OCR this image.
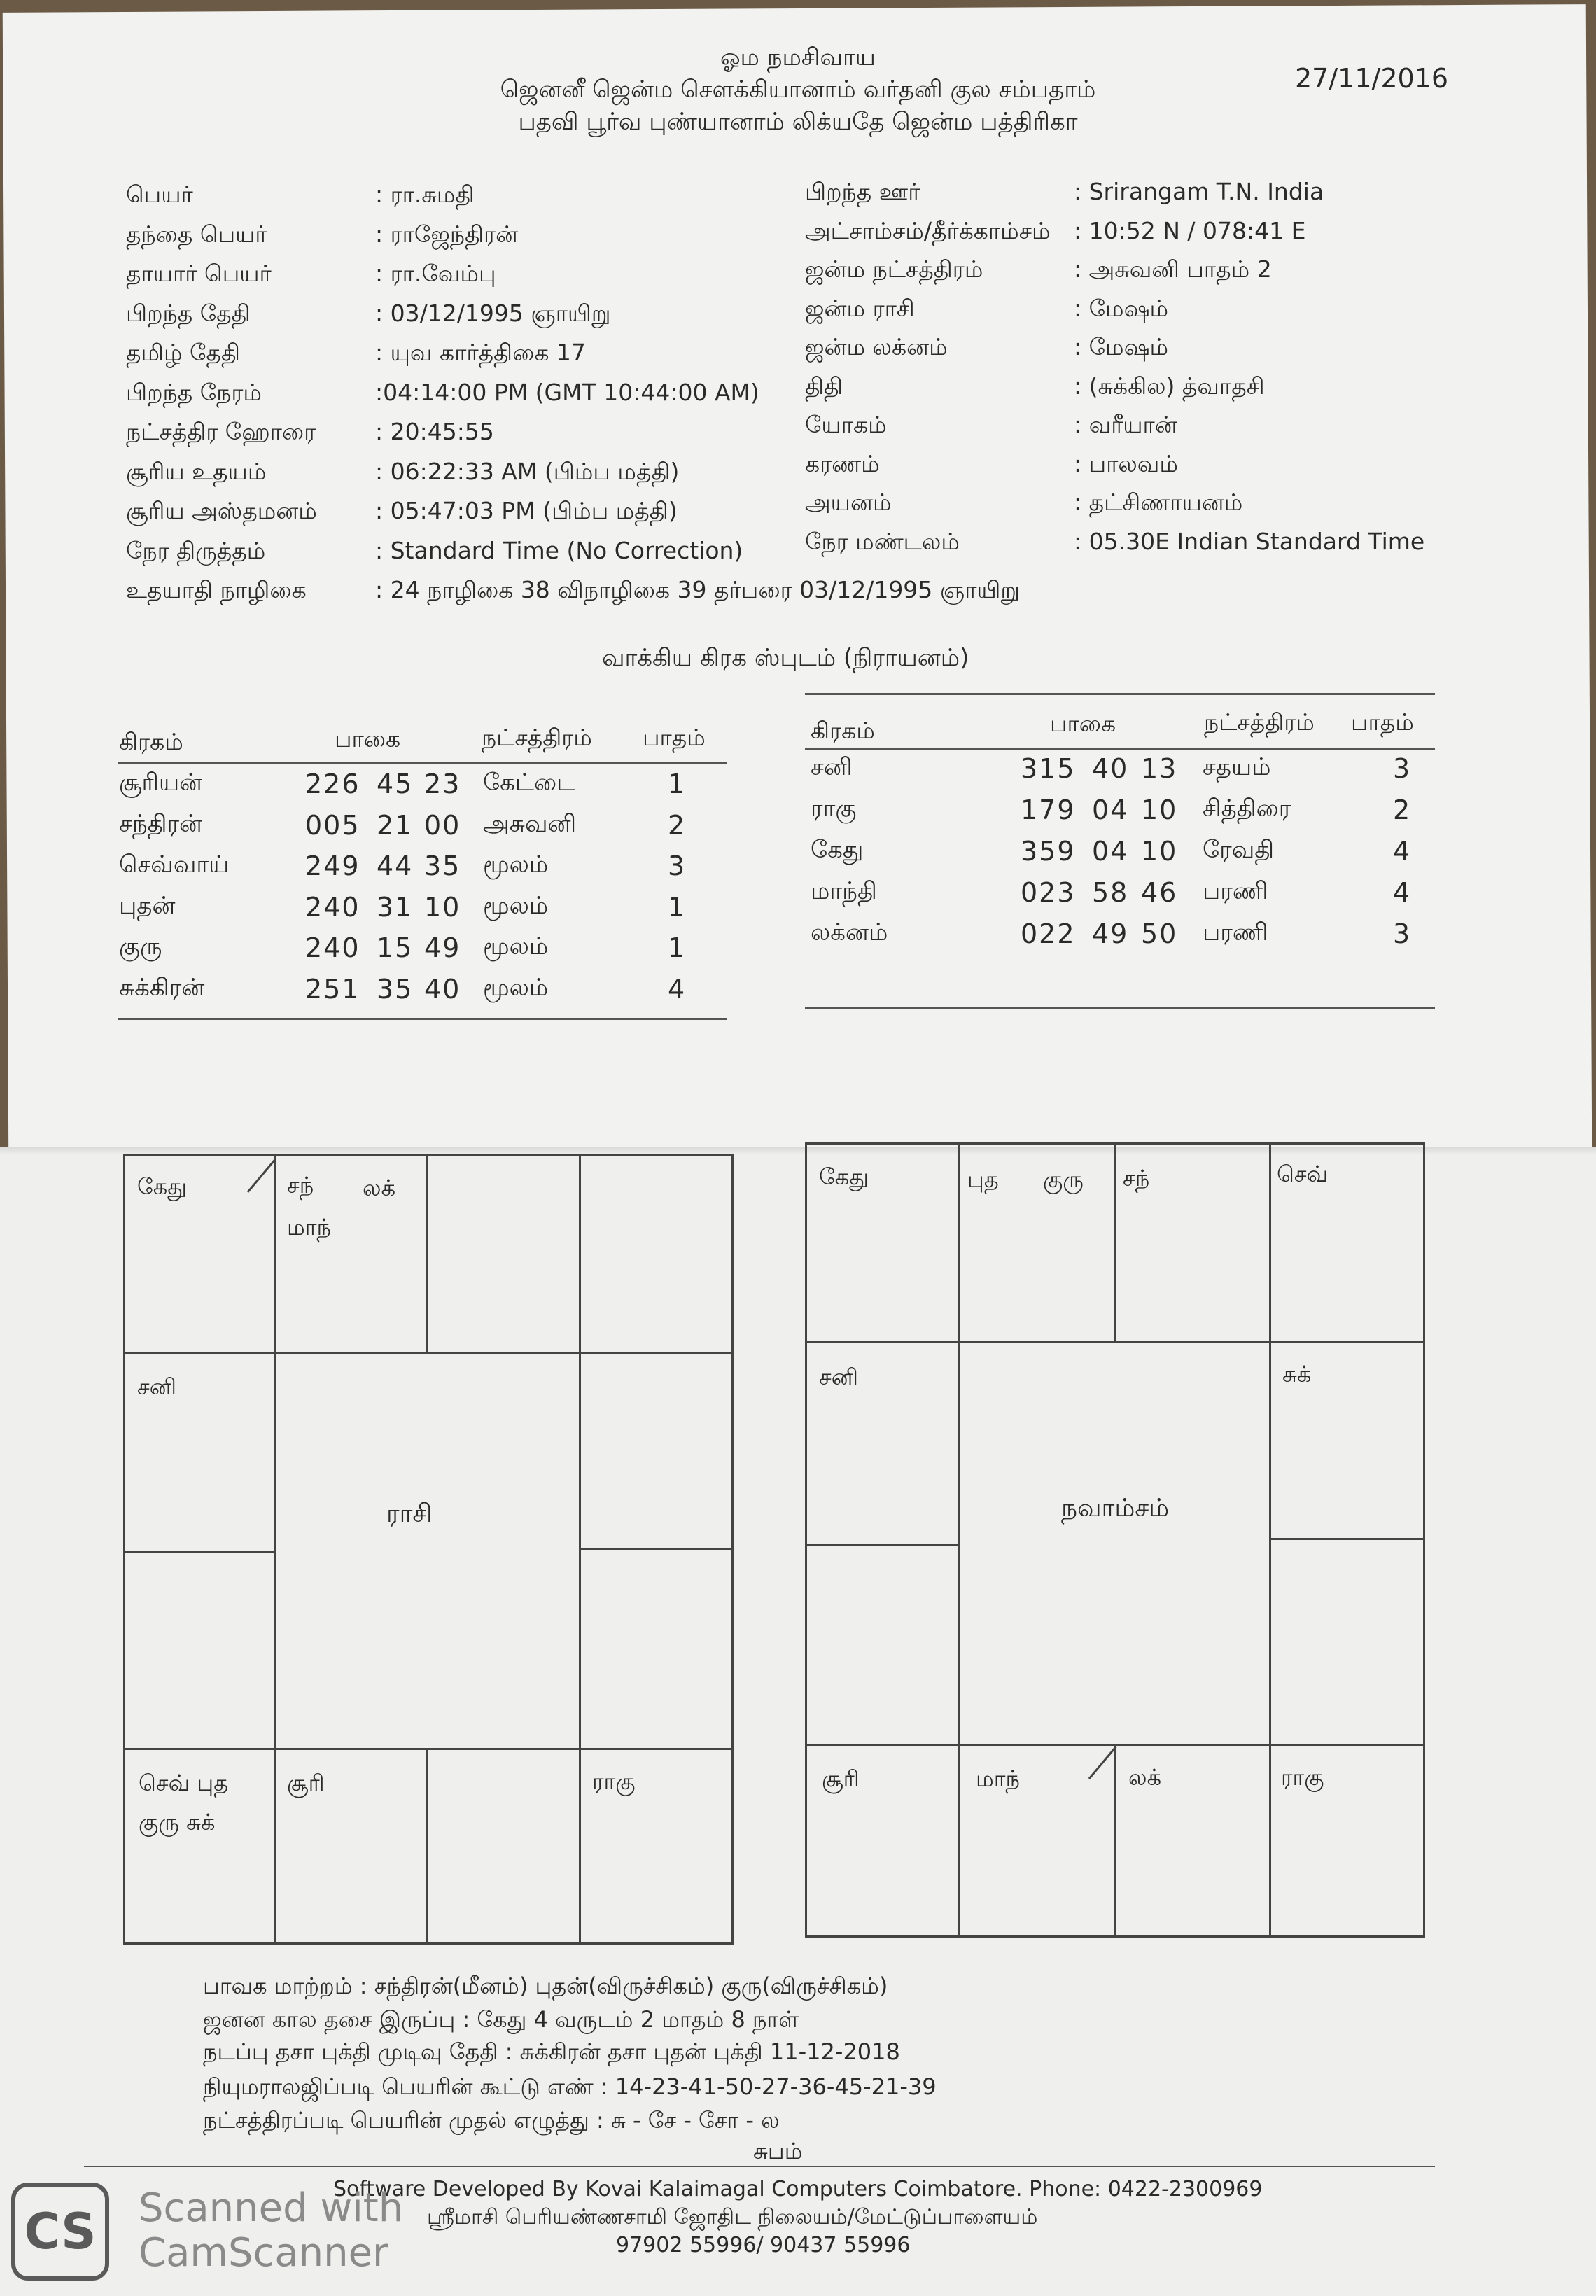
ஓம நமசிவாய
ஜெனனீ ஜென்ம சௌக்கியானாம் வர்தனி குல சம்பதாம்
பதவி பூர்வ புண்யானாம் லிக்யதே ஜென்ம பத்திரிகா
27/11/2016
பெயர்	: ரா.சுமதி
தந்தை பெயர்	: ராஜேந்திரன்
தாயார் பெயர்	: ரா.வேம்பு
பிறந்த தேதி	: 03/12/1995 ஞாயிறு
தமிழ் தேதி	: யுவ கார்த்திகை 17
பிறந்த நேரம்	:04:14:00 PM (GMT 10:44:00 AM)
நட்சத்திர ஹோரை	: 20:45:55
சூரிய உதயம்	: 06:22:33 AM (பிம்ப மத்தி)
சூரிய அஸ்தமனம்	: 05:47:03 PM (பிம்ப மத்தி)
நேர திருத்தம்	: Standard Time (No Correction)
உதயாதி நாழிகை	: 24 நாழிகை 38 விநாழிகை 39 தர்பரை 03/12/1995 ஞாயிறு
பிறந்த ஊர்	: Srirangam T.N. India
அட்சாம்சம்/தீர்க்காம்சம் : 10:52 N / 078:41 E
ஜன்ம நட்சத்திரம்	: அசுவனி பாதம் 2
ஜன்ம ராசி	: மேஷம்
ஜன்ம லக்னம்	: மேஷம்
திதி	: (சுக்கில) த்வாதசி
யோகம்	: வரீயான்
கரணம்	: பாலவம்
அயனம்	: தட்சிணாயனம்
நேர மண்டலம்	: 05.30E Indian Standard Time
வாக்கிய கிரக ஸ்புடம் (நிராயனம்)
கிரகம்	பாகை	நட்சத்திரம் பாதம்
சூரியன்	226 45 23 கேட்டை	1
சந்திரன்	005 21 00 அசுவனி	2
செவ்வாய்	249 44 35 மூலம்	3
புதன்	240 31 10 மூலம்	1
குரு	240 15 49 மூலம்	1
சுக்கிரன்	251 35 40 மூலம்	4
கிரகம்	பாகை	நட்சத்திரம் பாதம்
சனி	315 40 13 சதயம்	3
ராகு	179 04 10 சித்திரை	2
கேது	359 04 10 ரேவதி	4
மாந்தி	023 58 46 பரணி	4
லக்னம்	022 49 50 பரணி	3
கேது	சந் லக்
மாந்
சனி
ராசி
செவ் புத
குரு சுக்
சூரி	ராகு
கேது	புத குரு சந்	செவ்
சனி	சுக்
நவாம்சம்
சூரி	மாந்	லக்	ராகு
பாவக மாற்றம் : சந்திரன்(மீனம்) புதன்(விருச்சிகம்) குரு(விருச்சிகம்)
ஜனன கால தசை இருப்பு : கேது 4 வருடம் 2 மாதம் 8 நாள்
நடப்பு தசா புக்தி முடிவு தேதி : சுக்கிரன் தசா புதன் புக்தி 11-12-2018
நியுமராலஜிப்படி பெயரின் கூட்டு எண் : 14-23-41-50-27-36-45-21-39
நட்சத்திரப்படி பெயரின் முதல் எழுத்து : சு - சே - சோ - ல
சுபம்
Software Developed By Kovai Kalaimagal Computers Coimbatore. Phone: 0422-2300969
ஸ்ரீமாசி பெரியண்ணசாமி ஜோதிட நிலையம்/மேட்டுப்பாளையம்
97902 55996/ 90437 55996
CS	Scanned with
CamScanner
